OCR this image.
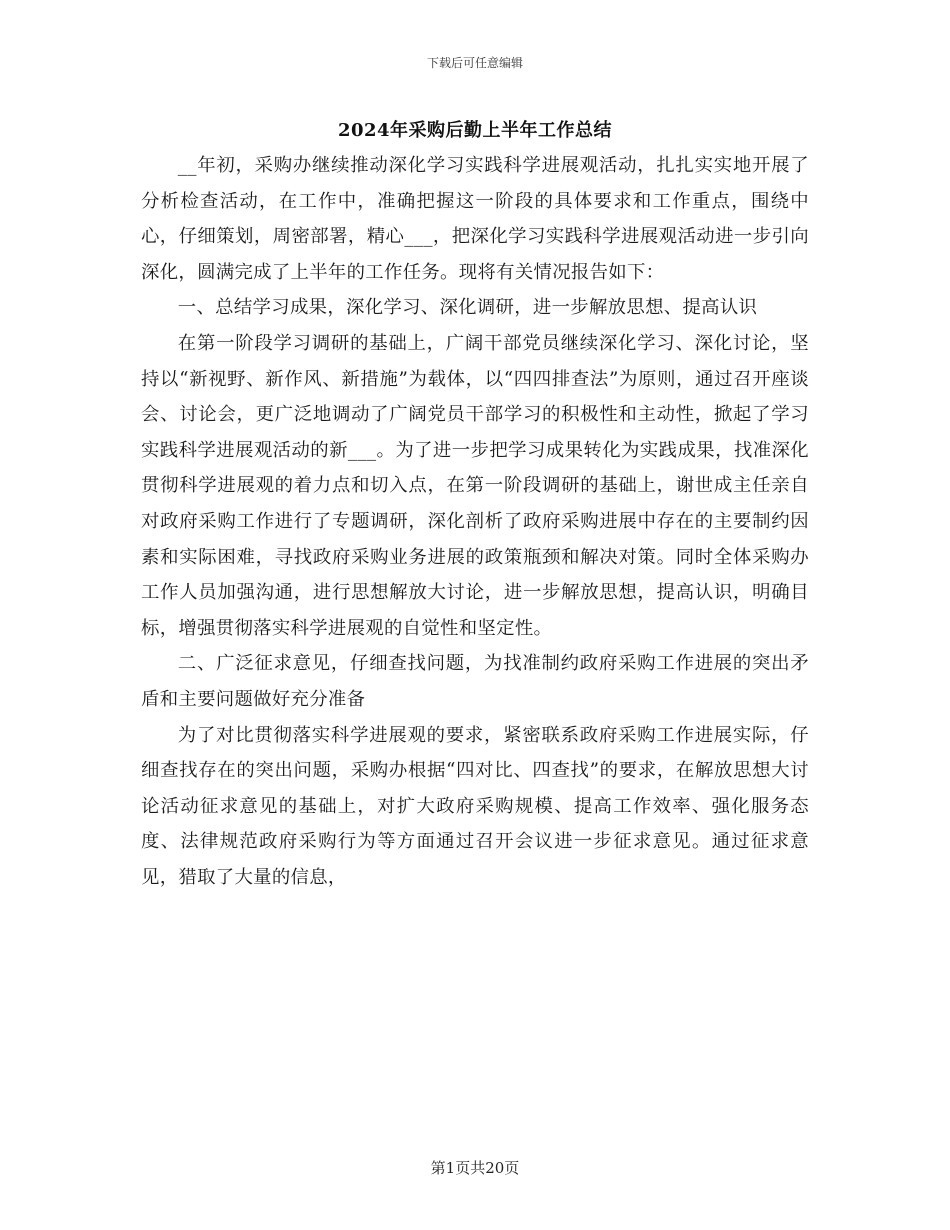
下载后可任意编辑
2024年采购后勤上半年工作总结

__年初，采购办继续推动深化学习实践科学进展观活动，扎扎实实地开展了分析检查活动，在工作中，准确把握这一阶段的具体要求和工作重点，围绕中心，仔细策划，周密部署，精心___，把深化学习实践科学进展观活动进一步引向深化，圆满完成了上半年的工作任务。现将有关情况报告如下：

一、总结学习成果，深化学习、深化调研，进一步解放思想、提高认识

在第一阶段学习调研的基础上，广阔干部党员继续深化学习、深化讨论，坚持以“新视野、新作风、新措施”为载体，以“四四排查法”为原则，通过召开座谈会、讨论会，更广泛地调动了广阔党员干部学习的积极性和主动性，掀起了学习实践科学进展观活动的新___。为了进一步把学习成果转化为实践成果，找准深化贯彻科学进展观的着力点和切入点，在第一阶段调研的基础上，谢世成主任亲自对政府采购工作进行了专题调研，深化剖析了政府采购进展中存在的主要制约因素和实际困难，寻找政府采购业务进展的政策瓶颈和解决对策。同时全体采购办工作人员加强沟通，进行思想解放大讨论，进一步解放思想，提高认识，明确目标，增强贯彻落实科学进展观的自觉性和坚定性。

二、广泛征求意见，仔细查找问题，为找准制约政府采购工作进展的突出矛盾和主要问题做好充分准备

为了对比贯彻落实科学进展观的要求，紧密联系政府采购工作进展实际，仔细查找存在的突出问题，采购办根据“四对比、四查找”的要求，在解放思想大讨论活动征求意见的基础上，对扩大政府采购规模、提高工作效率、强化服务态度、法律规范政府采购行为等方面通过召开会议进一步征求意见。通过征求意见，猎取了大量的信息，

第1页共20页
